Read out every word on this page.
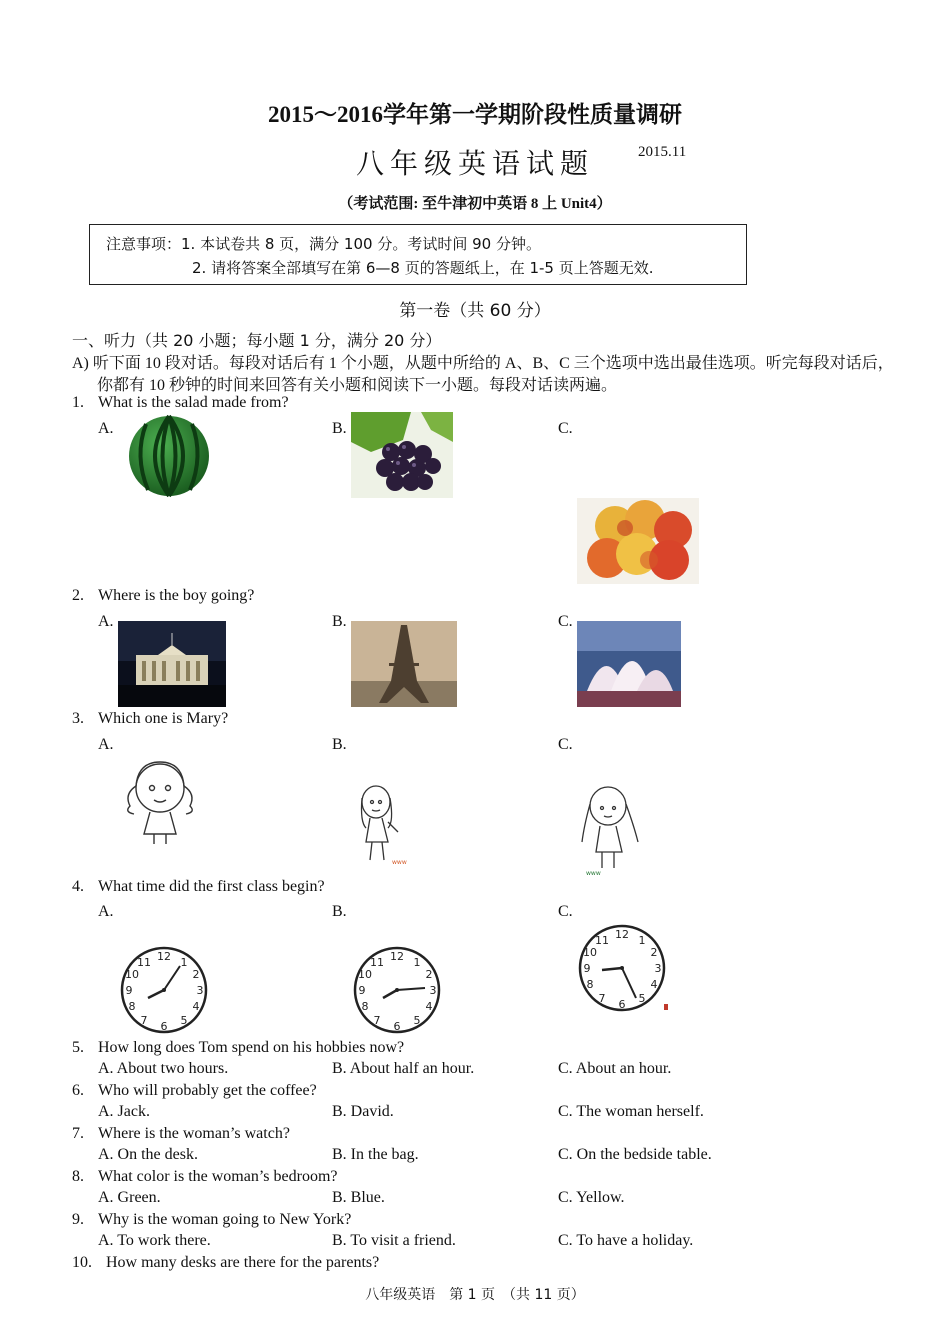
2015～2016学年第一学期阶段性质量调研
八年级英语试题	2015.11
（考试范围: 至牛津初中英语 8 上 Unit4）
注意事项：1. 本试卷共 8 页，满分 100 分。考试时间 90 分钟。
2. 请将答案全部填写在第 6—8 页的答题纸上，在 1-5 页上答题无效.
第一卷（共 60 分）
一、听力（共 20 小题；每小题 1 分，满分 20 分）
A) 听下面 10 段对话。每段对话后有 1 个小题，从题中所给的 A、B、C 三个选项中选出最佳选项。听完每段对话后，
你都有 10 秒钟的时间来回答有关小题和阅读下一小题。每段对话读两遍。
1. What is the salad made from?
A.	B.	C.
2. Where is the boy going?
A.	B.	C.
3. Which one is Mary?
A.	B.	C.
www
www
4. What time did the first class begin?
A.	B.	C.
12 1
2
3
4
5
6
7
8
9
10
11	12 1
2
3
4
5
6
7
8
9
10
11
12 1
2
3
4
5
6
7
8
9
10
11
5. How long does Tom spend on his hobbies now?
A. About two hours.	B. About half an hour.	C. About an hour.
6. Who will probably get the coffee?
A. Jack.	B. David.	C. The woman herself.
7. Where is the woman’s watch?
A. On the desk.	B. In the bag.	C. On the bedside table.
8. What color is the woman’s bedroom?
A. Green.	B. Blue.	C. Yellow.
9. Why is the woman going to New York?
A. To work there.	B. To visit a friend.	C. To have a holiday.
10. How many desks are there for the parents?
八年级英语　第 1 页　（共 11 页）
